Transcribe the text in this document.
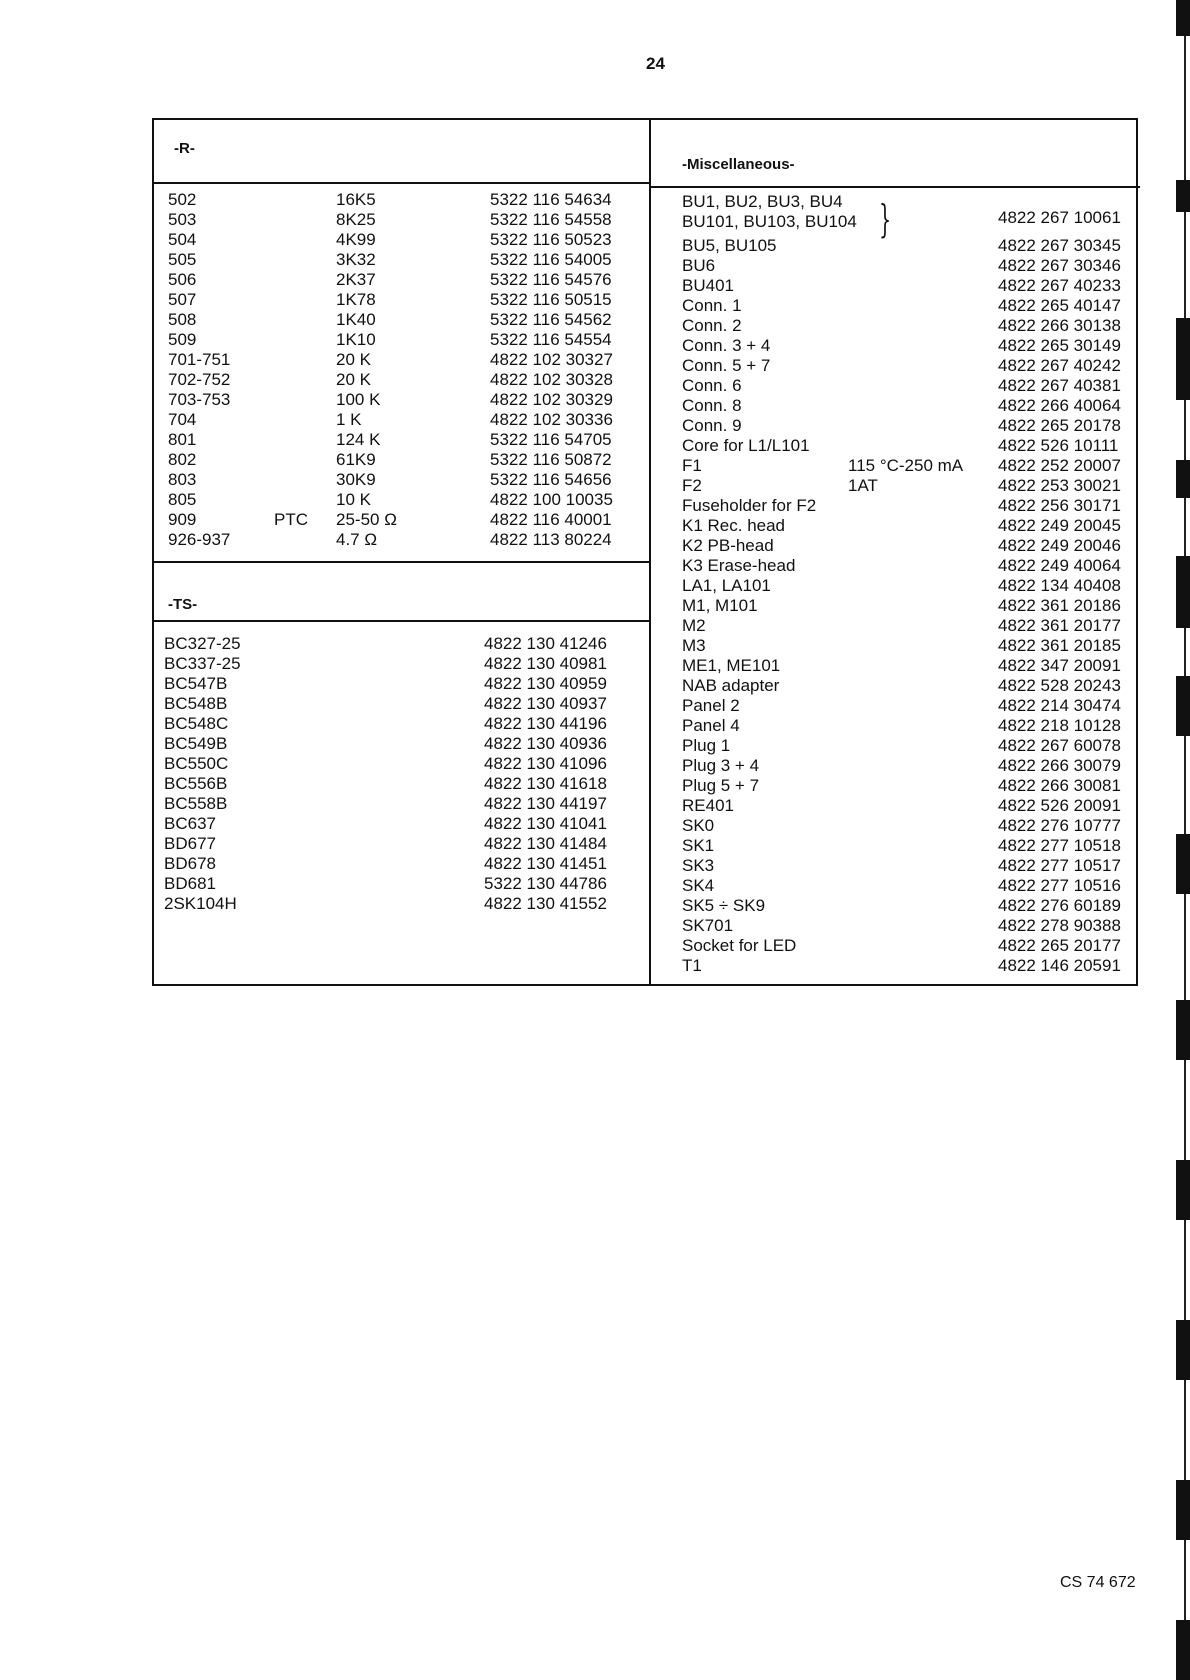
24
-R-
-TS-
-Miscellaneous-
502	16K5	5322 116 54634
503	8K25	5322 116 54558
504	4K99	5322 116 50523
505	3K32	5322 116 54005
506	2K37	5322 116 54576
507	1K78	5322 116 50515
508	1K40	5322 116 54562
509	1K10	5322 116 54554
701-751	20 K	4822 102 30327
702-752	20 K	4822 102 30328
703-753	100 K	4822 102 30329
704	1 K	4822 102 30336
801	124 K	5322 116 54705
802	61K9	5322 116 50872
803	30K9	5322 116 54656
805	10 K	4822 100 10035
909	PTC 25-50 Ω	4822 116 40001
926-937	4.7 Ω	4822 113 80224
BC327-25	4822 130 41246
BC337-25	4822 130 40981
BC547B	4822 130 40959
BC548B	4822 130 40937
BC548C	4822 130 44196
BC549B	4822 130 40936
BC550C	4822 130 41096
BC556B	4822 130 41618
BC558B	4822 130 44197
BC637	4822 130 41041
BD677	4822 130 41484
BD678	4822 130 41451
BD681	5322 130 44786
2SK104H	4822 130 41552
BU1, BU2, BU3, BU4
BU101, BU103, BU104 }	4822 267 10061
BU5, BU105	4822 267 30345
BU6	4822 267 30346
BU401	4822 267 40233
Conn. 1	4822 265 40147
Conn. 2	4822 266 30138
Conn. 3 + 4	4822 265 30149
Conn. 5 + 7	4822 267 40242
Conn. 6	4822 267 40381
Conn. 8	4822 266 40064
Conn. 9	4822 265 20178
Core for L1/L101	4822 526 10111
F1	115 °C-250 mA 4822 252 20007
F2	1AT	4822 253 30021
Fuseholder for F2	4822 256 30171
K1 Rec. head	4822 249 20045
K2 PB-head	4822 249 20046
K3 Erase-head	4822 249 40064
LA1, LA101	4822 134 40408
M1, M101	4822 361 20186
M2	4822 361 20177
M3	4822 361 20185
ME1, ME101	4822 347 20091
NAB adapter	4822 528 20243
Panel 2	4822 214 30474
Panel 4	4822 218 10128
Plug 1	4822 267 60078
Plug 3 + 4	4822 266 30079
Plug 5 + 7	4822 266 30081
RE401	4822 526 20091
SK0	4822 276 10777
SK1	4822 277 10518
SK3	4822 277 10517
SK4	4822 277 10516
SK5 ÷ SK9	4822 276 60189
SK701	4822 278 90388
Socket for LED	4822 265 20177
T1	4822 146 20591
CS 74 672
